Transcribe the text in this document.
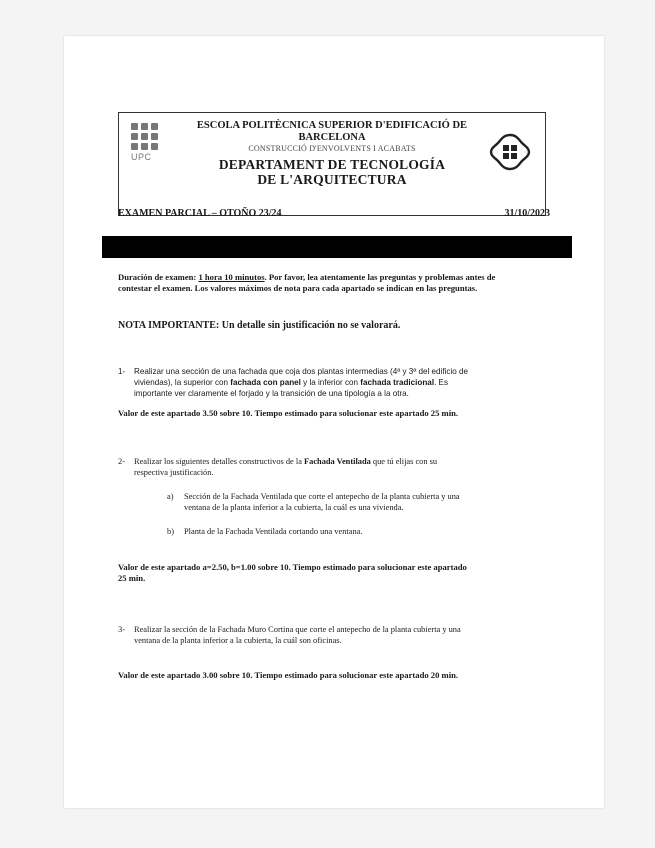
UPC
ESCOLA POLITÈCNICA SUPERIOR D'EDIFICACIÓ DE
BARCELONA
CONSTRUCCIÓ D'ENVOLVENTS I ACABATS
DEPARTAMENT DE TECNOLOGÍA
DE L'ARQUITECTURA
EXAMEN PARCIAL – OTOÑO 23/24	31/10/2023
Duración de examen: 1 hora 10 minutos. Por favor, lea atentamente las preguntas y problemas antes de
contestar el examen. Los valores máximos de nota para cada apartado se indican en las preguntas.
NOTA IMPORTANTE: Un detalle sin justificación no se valorará.
1- Realizar una sección de una fachada que coja dos plantas intermedias (4ª y 3ª del edificio de
viviendas), la superior con fachada con panel y la inferior con fachada tradicional. Es
importante ver claramente el forjado y la transición de una tipología a la otra.
Valor de este apartado 3.50 sobre 10. Tiempo estimado para solucionar este apartado 25 min.
2- Realizar los siguientes detalles constructivos de la Fachada Ventilada que tú elijas con su
respectiva justificación.
a) Sección de la Fachada Ventilada que corte el antepecho de la planta cubierta y una
ventana de la planta inferior a la cubierta, la cuál es una vivienda.
b) Planta de la Fachada Ventilada cortando una ventana.
Valor de este apartado a=2.50, b=1.00 sobre 10. Tiempo estimado para solucionar este apartado
25 min.
3- Realizar la sección de la Fachada Muro Cortina que corte el antepecho de la planta cubierta y una
ventana de la planta inferior a la cubierta, la cuál son oficinas.
Valor de este apartado 3.00 sobre 10. Tiempo estimado para solucionar este apartado 20 min.
